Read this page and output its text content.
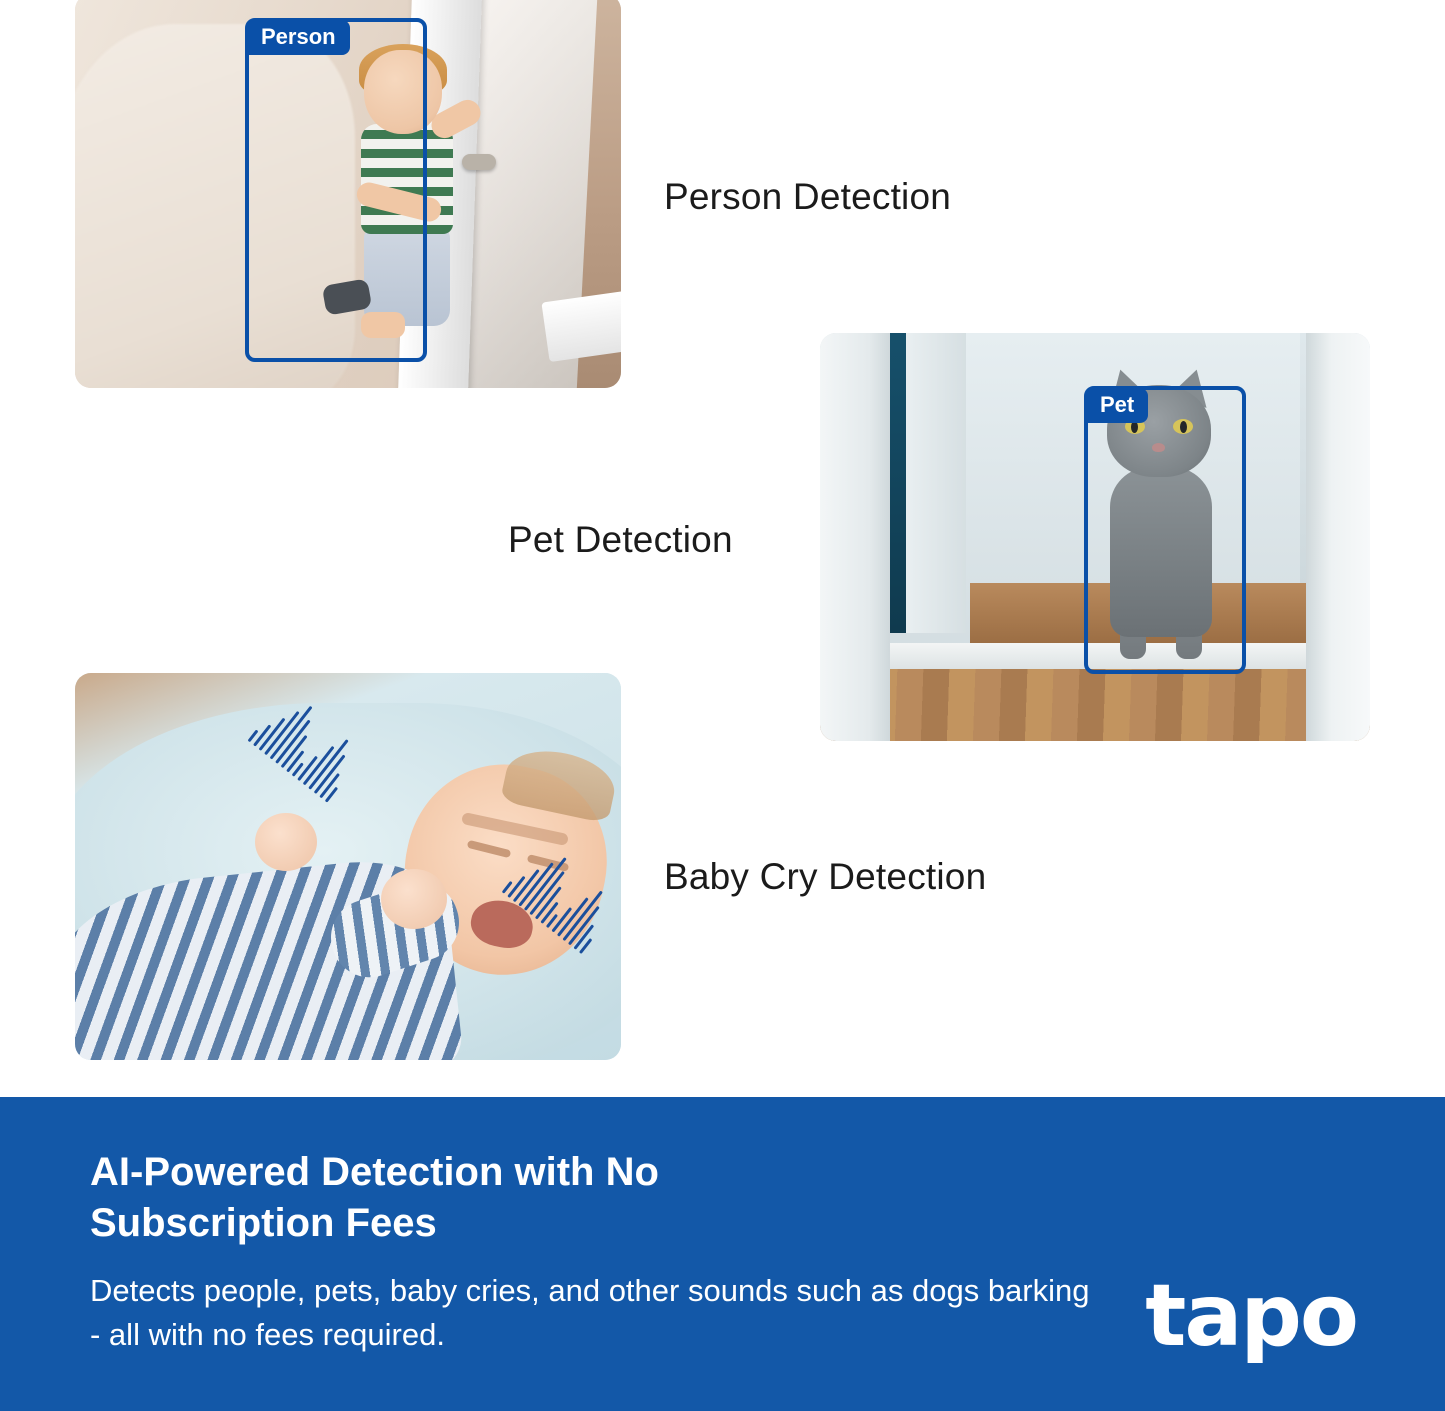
Person
Pet
Person Detection
Pet Detection
Baby Cry Detection
AI-Powered Detection with No Subscription Fees
Detects people, pets, baby cries, and other sounds such as dogs barking - all with no fees required.	tapo
